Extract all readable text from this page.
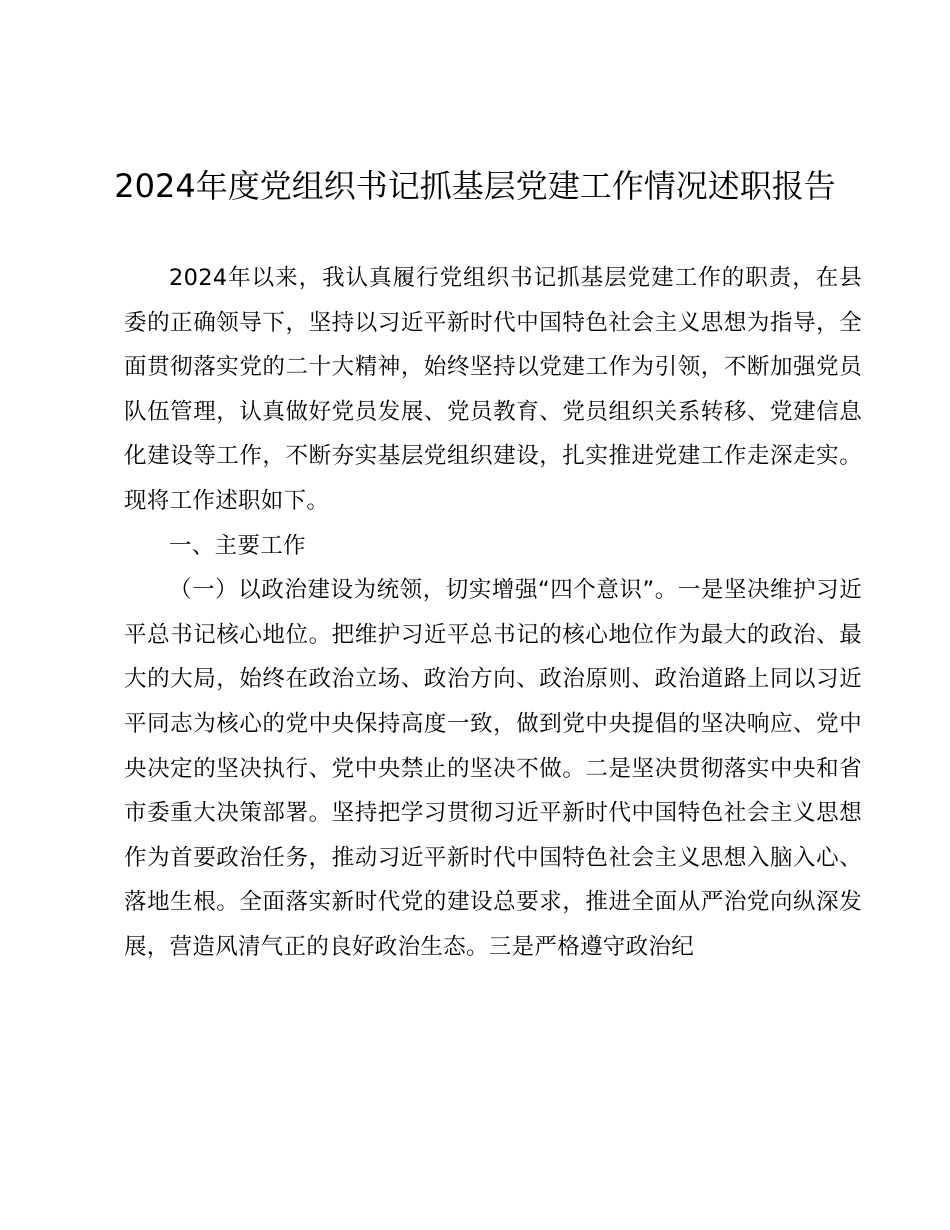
2024年度党组织书记抓基层党建工作情况述职报告

2024年以来，我认真履行党组织书记抓基层党建工作的职责，在县委的正确领导下，坚持以习近平新时代中国特色社会主义思想为指导，全面贯彻落实党的二十大精神，始终坚持以党建工作为引领，不断加强党员队伍管理，认真做好党员发展、党员教育、党员组织关系转移、党建信息化建设等工作，不断夯实基层党组织建设，扎实推进党建工作走深走实。现将工作述职如下。

一、主要工作

（一）以政治建设为统领，切实增强“四个意识”。一是坚决维护习近平总书记核心地位。把维护习近平总书记的核心地位作为最大的政治、最大的大局，始终在政治立场、政治方向、政治原则、政治道路上同以习近平同志为核心的党中央保持高度一致，做到党中央提倡的坚决响应、党中央决定的坚决执行、党中央禁止的坚决不做。二是坚决贯彻落实中央和省市委重大决策部署。坚持把学习贯彻习近平新时代中国特色社会主义思想作为首要政治任务，推动习近平新时代中国特色社会主义思想入脑入心、落地生根。全面落实新时代党的建设总要求，推进全面从严治党向纵深发展，营造风清气正的良好政治生态。三是严格遵守政治纪
